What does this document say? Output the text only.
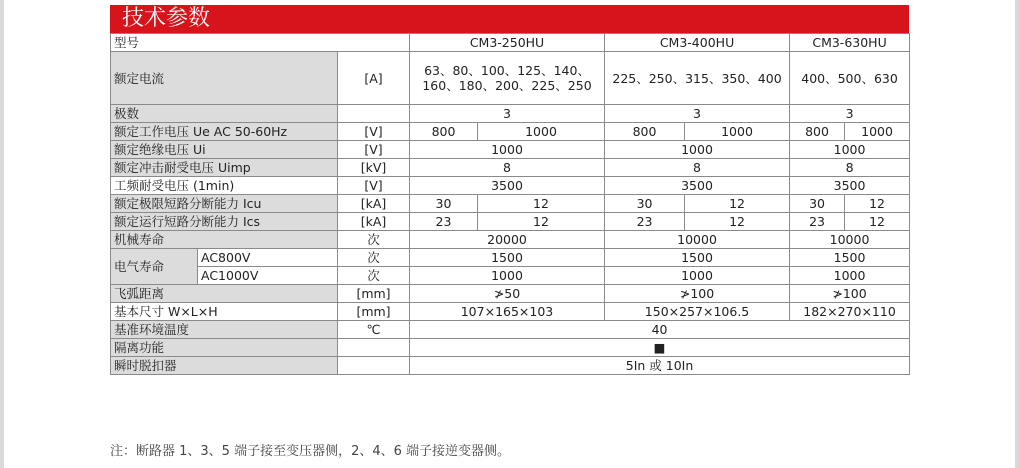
技术参数
型号			CM3-250HU		CM3-400HU		CM3-630HU	
额定电流		[A]	63、80、100、125、140、160、180、200、225、250		225、250、315、350、400		400、500、630	
极数			3		3		3	
额定工作电压 Ue AC 50-60Hz		[V]	800	1000	800	1000	800	1000
额定绝缘电压 Ui		[V]	1000		1000		1000	
额定冲击耐受电压 Uimp		[kV]	8		8		8	
工频耐受电压 (1min)		[V]	3500		3500		3500	
额定极限短路分断能力 Icu		[kA]	30	12	30	12	30	12
额定运行短路分断能力 Ics		[kA]	23	12	23	12	23	12
机械寿命		次	20000		10000		10000	
电气寿命	AC800V	次	1500		1500		1500	
	AC1000V	次	1000		1000		1000	
飞弧距离		[mm]	≯50		≯100		≯100	
基本尺寸 W×L×H		[mm]	107×165×103		150×257×106.5		182×270×110	
基准环境温度		℃	40					
隔离功能			■					
瞬时脱扣器			5In 或 10In					
注：断路器 1、3、5 端子接至变压器侧，2、4、6 端子接逆变器侧。
